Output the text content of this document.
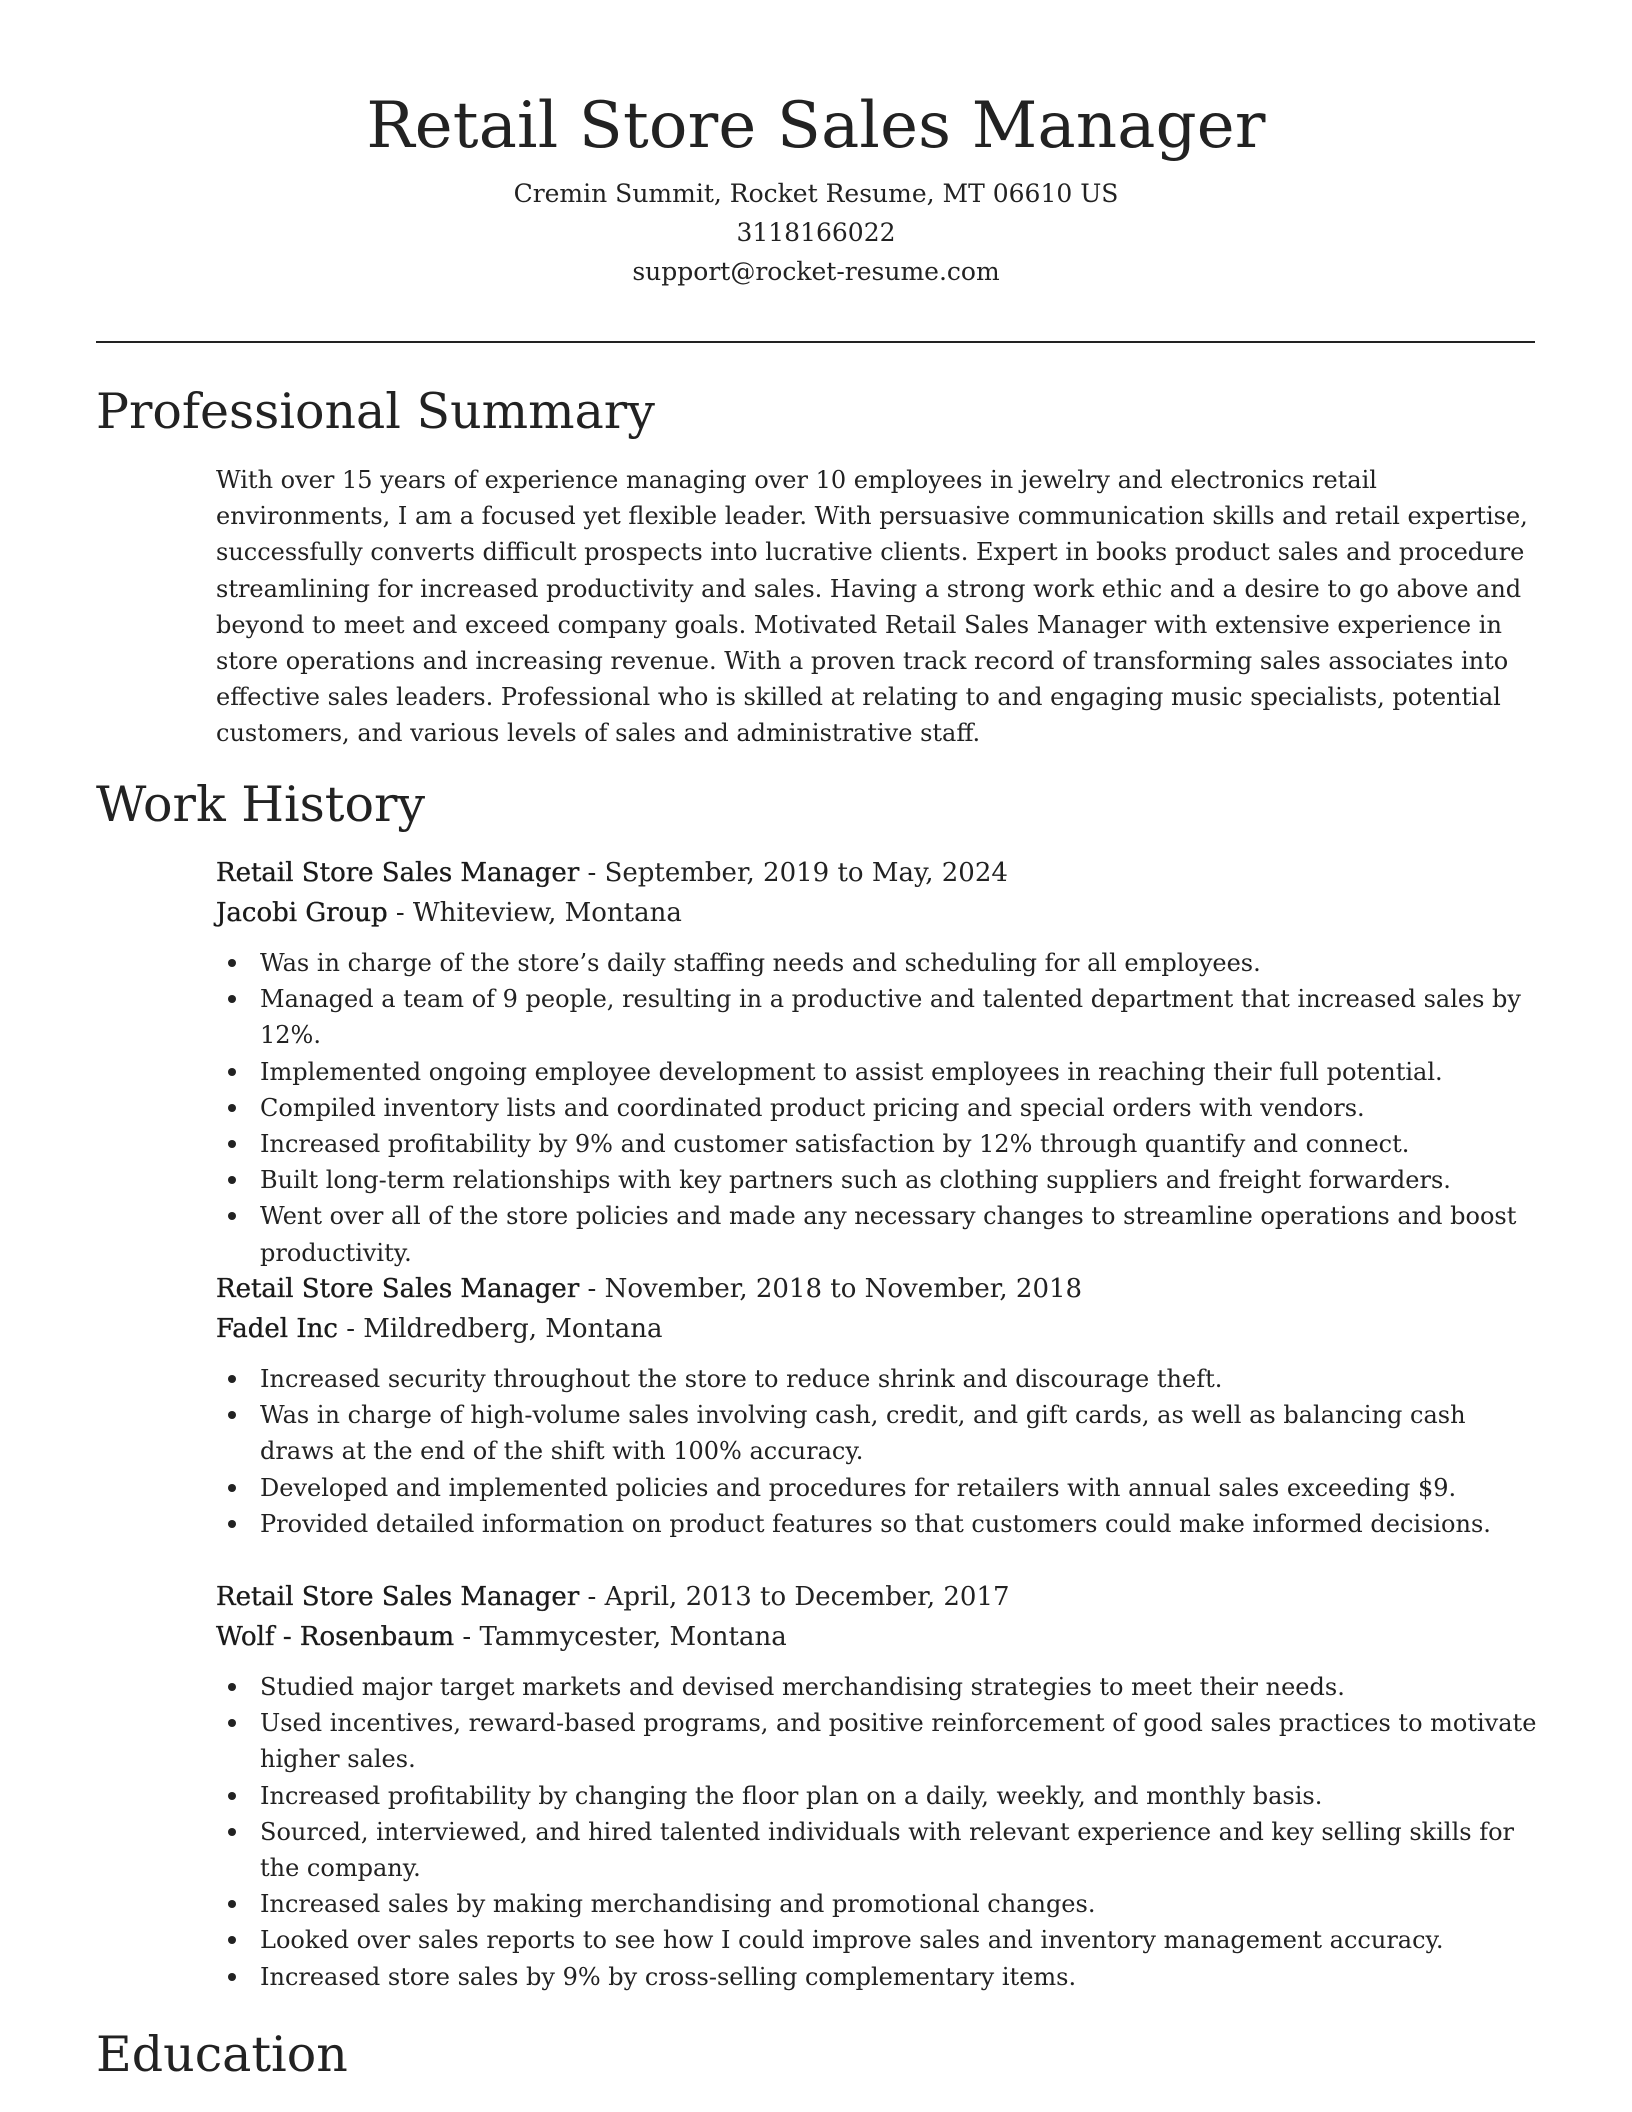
Retail Store Sales Manager

Cremin Summit, Rocket Resume, MT 06610 US

3118166022

support@rocket-resume.com

Professional Summary

With over 15 years of experience managing over 10 employees in jewelry and electronics retail environments, I am a focused yet flexible leader. With persuasive communication skills and retail expertise, successfully converts difficult prospects into lucrative clients. Expert in books product sales and procedure streamlining for increased productivity and sales. Having a strong work ethic and a desire to go above and beyond to meet and exceed company goals. Motivated Retail Sales Manager with extensive experience in store operations and increasing revenue. With a proven track record of transforming sales associates into effective sales leaders. Professional who is skilled at relating to and engaging music specialists, potential customers, and various levels of sales and administrative staff.

Work History

Retail Store Sales Manager - September, 2019 to May, 2024

Jacobi Group - Whiteview, Montana

Was in charge of the store’s daily staffing needs and scheduling for all employees.
Managed a team of 9 people, resulting in a productive and talented department that increased sales by 12%.
Implemented ongoing employee development to assist employees in reaching their full potential.
Compiled inventory lists and coordinated product pricing and special orders with vendors.
Increased profitability by 9% and customer satisfaction by 12% through quantify and connect.
Built long-term relationships with key partners such as clothing suppliers and freight forwarders.
Went over all of the store policies and made any necessary changes to streamline operations and boost productivity.

Retail Store Sales Manager - November, 2018 to November, 2018

Fadel Inc - Mildredberg, Montana

Increased security throughout the store to reduce shrink and discourage theft.
Was in charge of high-volume sales involving cash, credit, and gift cards, as well as balancing cash draws at the end of the shift with 100% accuracy.
Developed and implemented policies and procedures for retailers with annual sales exceeding $9.
Provided detailed information on product features so that customers could make informed decisions.

Retail Store Sales Manager - April, 2013 to December, 2017

Wolf - Rosenbaum - Tammycester, Montana

Studied major target markets and devised merchandising strategies to meet their needs.
Used incentives, reward-based programs, and positive reinforcement of good sales practices to motivate higher sales.
Increased profitability by changing the floor plan on a daily, weekly, and monthly basis.
Sourced, interviewed, and hired talented individuals with relevant experience and key selling skills for the company.
Increased sales by making merchandising and promotional changes.
Looked over sales reports to see how I could improve sales and inventory management accuracy.
Increased store sales by 9% by cross-selling complementary items.
Education
